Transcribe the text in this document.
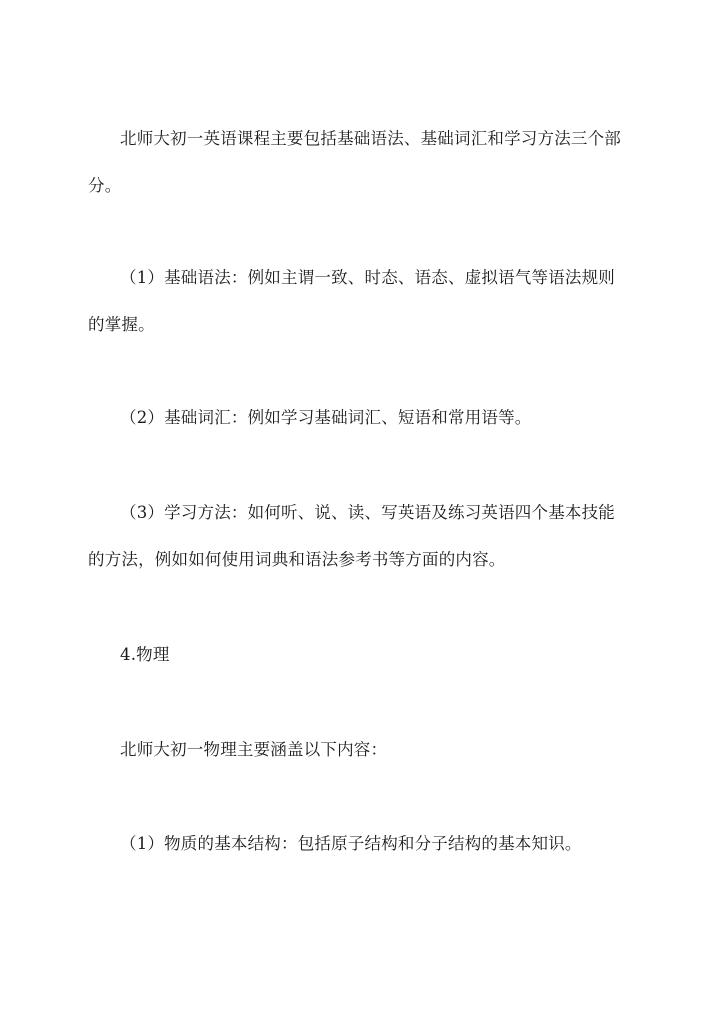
北师大初一英语课程主要包括基础语法、基础词汇和学习方法三个部
分。
（1）基础语法：例如主谓一致、时态、语态、虚拟语气等语法规则
的掌握。
（2）基础词汇：例如学习基础词汇、短语和常用语等。
（3）学习方法：如何听、说、读、写英语及练习英语四个基本技能
的方法，例如如何使用词典和语法参考书等方面的内容。
4.物理
北师大初一物理主要涵盖以下内容：
（1）物质的基本结构：包括原子结构和分子结构的基本知识。
